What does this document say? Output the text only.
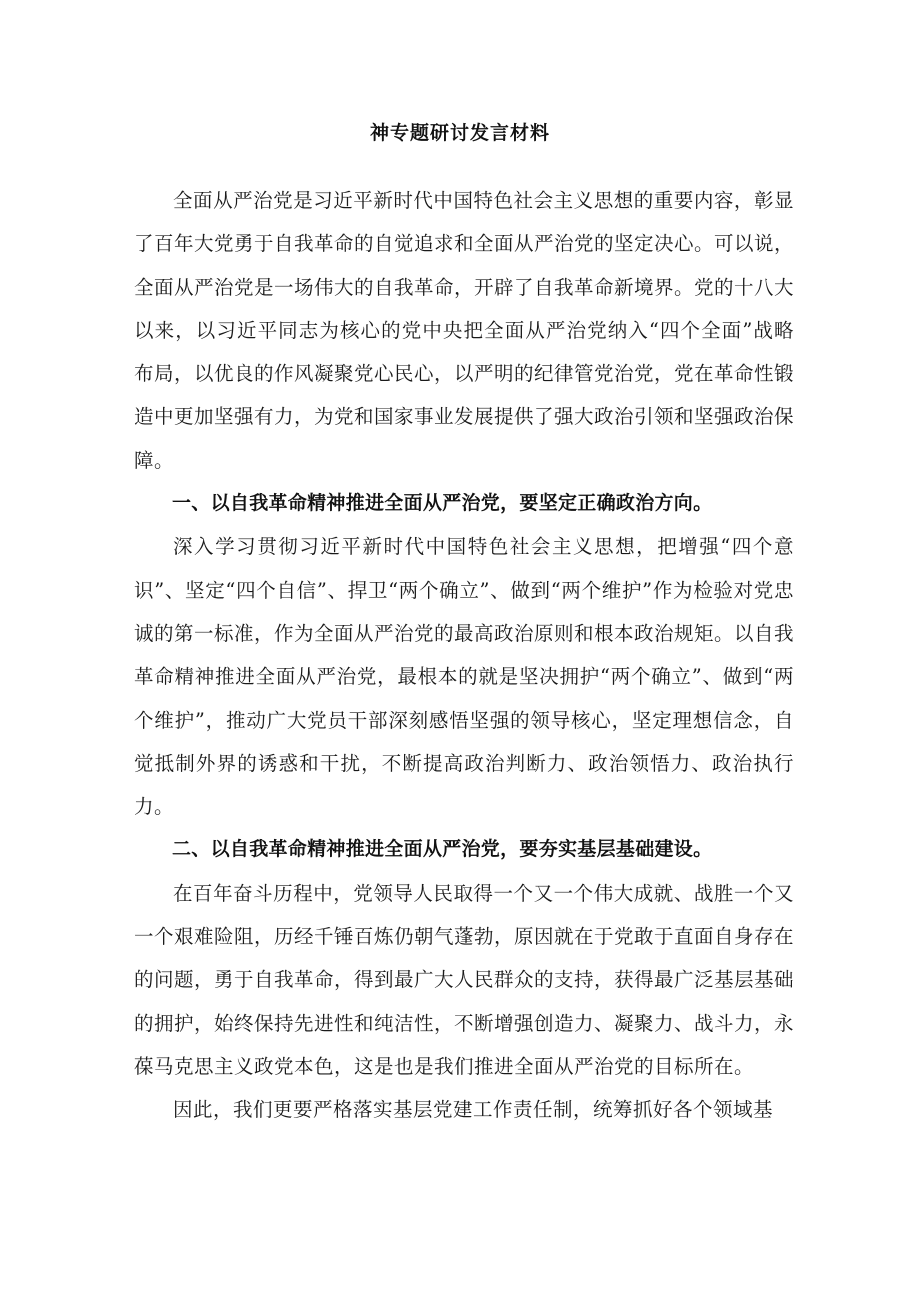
神专题研讨发言材料

全面从严治党是习近平新时代中国特色社会主义思想的重要内容，彰显了百年大党勇于自我革命的自觉追求和全面从严治党的坚定决心。可以说，全面从严治党是一场伟大的自我革命，开辟了自我革命新境界。党的十八大以来，以习近平同志为核心的党中央把全面从严治党纳入“四个全面”战略布局，以优良的作风凝聚党心民心，以严明的纪律管党治党，党在革命性锻造中更加坚强有力，为党和国家事业发展提供了强大政治引领和坚强政治保障。

一、以自我革命精神推进全面从严治党，要坚定正确政治方向。

深入学习贯彻习近平新时代中国特色社会主义思想，把增强“四个意识”、坚定“四个自信”、捍卫“两个确立”、做到“两个维护”作为检验对党忠诚的第一标准，作为全面从严治党的最高政治原则和根本政治规矩。以自我革命精神推进全面从严治党，最根本的就是坚决拥护“两个确立”、做到“两个维护”，推动广大党员干部深刻感悟坚强的领导核心，坚定理想信念，自觉抵制外界的诱惑和干扰，不断提高政治判断力、政治领悟力、政治执行力。

二、以自我革命精神推进全面从严治党，要夯实基层基础建设。

在百年奋斗历程中，党领导人民取得一个又一个伟大成就、战胜一个又一个艰难险阻，历经千锤百炼仍朝气蓬勃，原因就在于党敢于直面自身存在的问题，勇于自我革命，得到最广大人民群众的支持，获得最广泛基层基础的拥护，始终保持先进性和纯洁性，不断增强创造力、凝聚力、战斗力，永葆马克思主义政党本色，这是也是我们推进全面从严治党的目标所在。

因此，我们更要严格落实基层党建工作责任制，统筹抓好各个领域基
